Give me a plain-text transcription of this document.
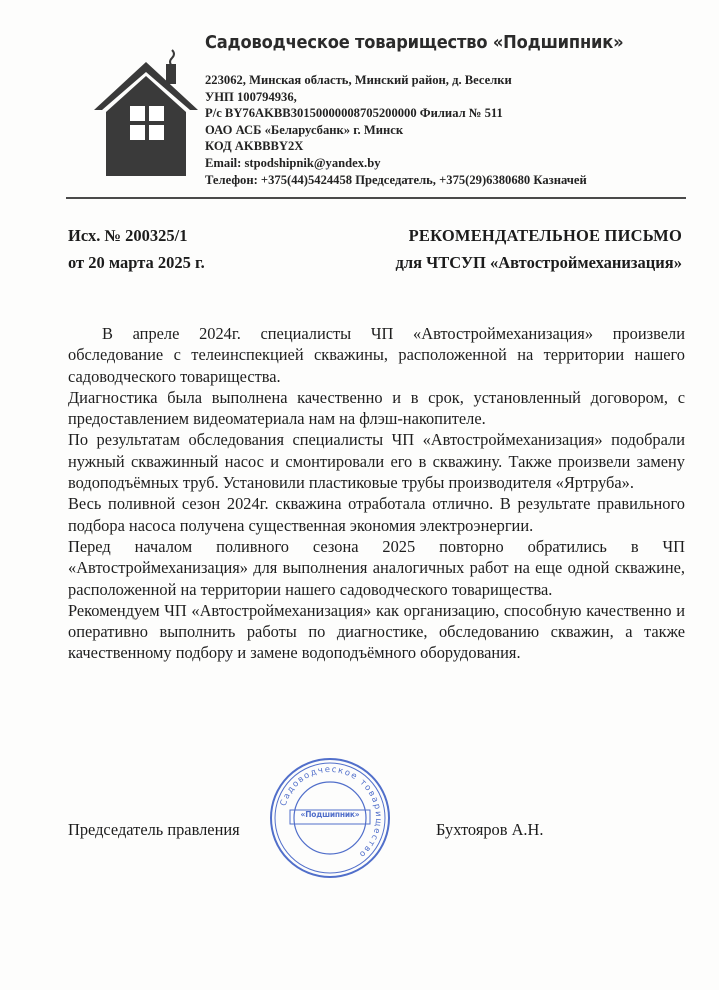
Садоводческое товарищество «Подшипник»
223062, Минская область, Минский район, д. Веселки
УНП 100794936,
Р/с BY76AKBB30150000008705200000 Филиал № 511
ОАО АСБ «Беларусбанк» г. Минск
КОД AKBBBY2X
Email: stpodshipnik@yandex.by
Телефон: +375(44)5424458 Председатель, +375(29)6380680 Казначей
Исх. № 200325/1
от 20 марта 2025 г.
РЕКОМЕНДАТЕЛЬНОЕ ПИСЬМО
для ЧТСУП «Автостроймеханизация»

В апреле 2024г. специалисты ЧП «Автостроймеханизация» произвели обследование с телеинспекцией скважины, расположенной на территории нашего садоводческого товарищества.

Диагностика была выполнена качественно и в срок, установленный договором, с предоставлением видеоматериала нам на флэш-накопителе.

По результатам обследования специалисты ЧП «Автостроймеханизация» подобрали нужный скважинный насос и смонтировали его в скважину. Также произвели замену водоподъёмных труб. Установили пластиковые трубы производителя «Яртруба».

Весь поливной сезон 2024г. скважина отработала отлично. В результате правильного подбора насоса получена существенная экономия электроэнергии.

Перед началом поливного сезона 2025 повторно обратились в ЧП «Автостроймеханизация» для выполнения аналогичных работ на еще одной скважине, расположенной на территории нашего садоводческого товарищества.

Рекомендуем ЧП «Автостроймеханизация» как организацию, способную качественно и оперативно выполнить работы по диагностике, обследованию скважин, а также качественному подбору и замене водоподъёмного оборудования.

Председатель правления	Бухтояров А.Н.
Садоводческое товарищество
«Подшипник»
